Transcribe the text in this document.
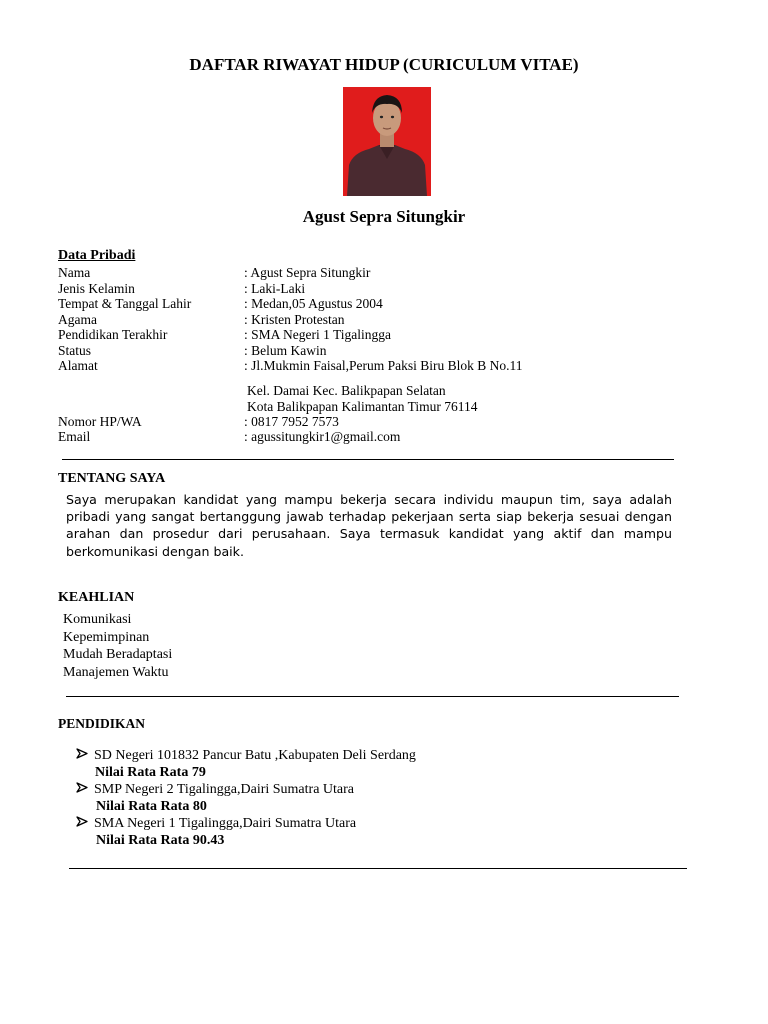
DAFTAR RIWAYAT HIDUP (CURICULUM VITAE)
Agust Sepra Situngkir
Data Pribadi
Nama	: Agust Sepra Situngkir
Jenis Kelamin	: Laki-Laki
Tempat & Tanggal Lahir	: Medan,05 Agustus 2004
Agama	: Kristen Protestan
Pendidikan Terakhir	: SMA Negeri 1 Tigalingga
Status	: Belum Kawin
Alamat	: Jl.Mukmin Faisal,Perum Paksi Biru Blok B No.11
Kel. Damai Kec. Balikpapan Selatan
Kota Balikpapan Kalimantan Timur 76114
Nomor HP/WA	: 0817 7952 7573
Email	: agussitungkir1@gmail.com
TENTANG SAYA
Saya merupakan kandidat yang mampu bekerja secara individu maupun tim, saya adalah pribadi yang sangat bertanggung jawab terhadap pekerjaan serta siap bekerja sesuai dengan arahan dan prosedur dari perusahaan. Saya termasuk kandidat yang aktif dan mampu berkomunikasi dengan baik.
KEAHLIAN
Komunikasi
Kepemimpinan
Mudah Beradaptasi
Manajemen Waktu
PENDIDIKAN
SD Negeri 101832 Pancur Batu ,Kabupaten Deli Serdang
Nilai Rata Rata 79
SMP Negeri 2 Tigalingga,Dairi Sumatra Utara
Nilai Rata Rata 80
SMA Negeri 1 Tigalingga,Dairi Sumatra Utara
Nilai Rata Rata 90.43
